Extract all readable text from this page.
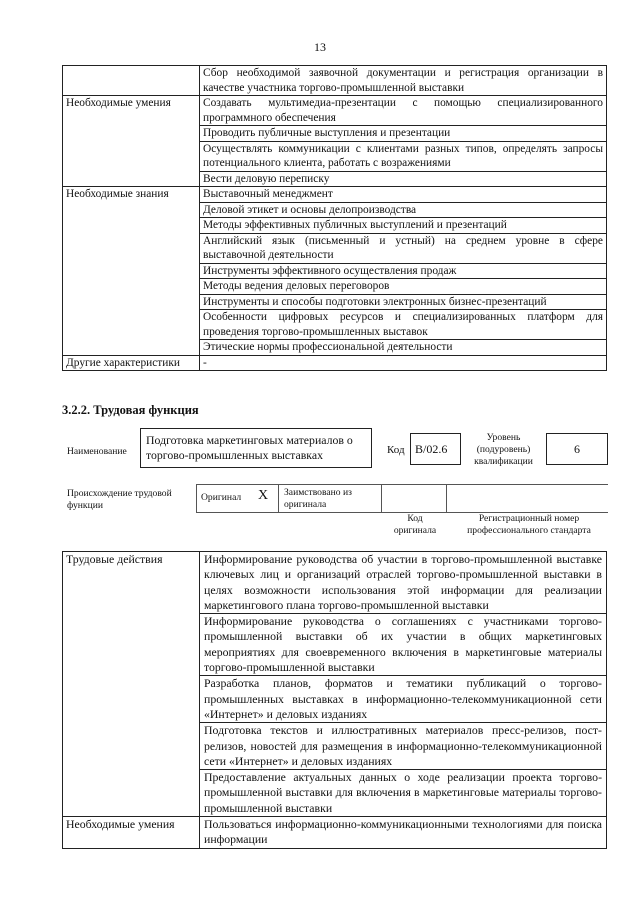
13
	Сбор необходимой заявочной документации и регистрация организации в качестве участника торгово-промышленной выставки
Необходимые умения	Создавать мультимедиа-презентации с помощью специализированного программного обеспечения
	Проводить публичные выступления и презентации
	Осуществлять коммуникации с клиентами разных типов, определять запросы потенциального клиента, работать с возражениями
	Вести деловую переписку
Необходимые знания	Выставочный менеджмент
	Деловой этикет и основы делопроизводства
	Методы эффективных публичных выступлений и презентаций
	Английский язык (письменный и устный) на среднем уровне в сфере выставочной деятельности
	Инструменты эффективного осуществления продаж
	Методы ведения деловых переговоров
	Инструменты и способы подготовки электронных бизнес-презентаций
	Особенности цифровых ресурсов и специализированных платформ для проведения торгово-промышленных выставок
	Этические нормы профессиональной деятельности
Другие характеристики	-
3.2.2. Трудовая функция
Наименование
Подготовка маркетинговых материалов о торгово-промышленных выставках	Код В/02.6
Уровень (подуровень) квалификации
6
Происхождение трудовой функции
Оригинал X Заимствовано из оригинала
Код оригинала
Регистрационный номер профессионального стандарта
Трудовые действия	Информирование руководства об участии в торгово-промышленной выставке ключевых лиц и организаций отраслей торгово-промышленной выставки в целях возможности использования этой информации для реализации маркетингового плана торгово-промышленной выставки
	Информирование руководства о соглашениях с участниками торгово-промышленной выставки об их участии в общих маркетинговых мероприятиях для своевременного включения в маркетинговые материалы торгово-промышленной выставки
	Разработка планов, форматов и тематики публикаций о торгово-промышленных выставках в информационно-телекоммуникационной сети «Интернет» и деловых изданиях
	Подготовка текстов и иллюстративных материалов пресс-релизов, пост-релизов, новостей для размещения в информационно-телекоммуникационной сети «Интернет» и деловых изданиях
	Предоставление актуальных данных о ходе реализации проекта торгово-промышленной выставки для включения в маркетинговые материалы торгово-промышленной выставки
Необходимые умения	Пользоваться информационно-коммуникационными технологиями для поиска информации
